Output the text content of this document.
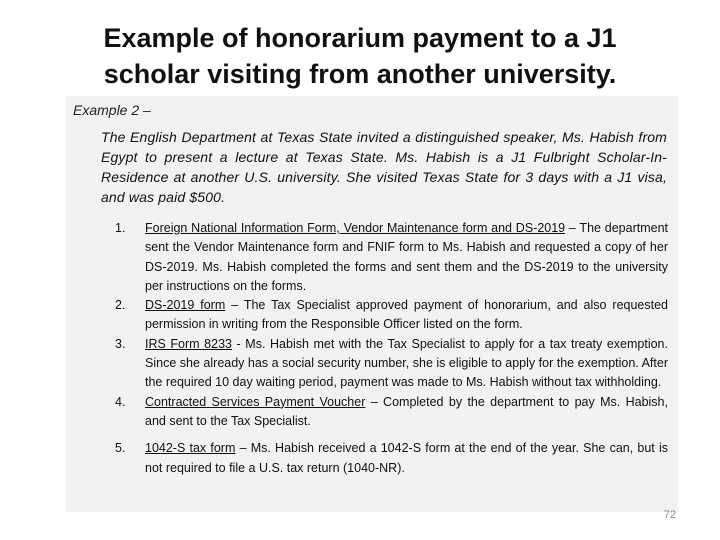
Example of honorarium payment to a J1 scholar visiting from another university.
Example 2 –
The English Department at Texas State invited a distinguished speaker, Ms. Habish from Egypt to present a lecture at Texas State. Ms. Habish is a J1 Fulbright Scholar-In-Residence at another U.S. university. She visited Texas State for 3 days with a J1 visa, and was paid $500.
1. Foreign National Information Form, Vendor Maintenance form and DS-2019 – The department sent the Vendor Maintenance form and FNIF form to Ms. Habish and requested a copy of her DS-2019. Ms. Habish completed the forms and sent them and the DS-2019 to the university per instructions on the forms.
2. DS-2019 form – The Tax Specialist approved payment of honorarium, and also requested permission in writing from the Responsible Officer listed on the form.
3. IRS Form 8233 - Ms. Habish met with the Tax Specialist to apply for a tax treaty exemption. Since she already has a social security number, she is eligible to apply for the exemption. After the required 10 day waiting period, payment was made to Ms. Habish without tax withholding.
4. Contracted Services Payment Voucher – Completed by the department to pay Ms. Habish, and sent to the Tax Specialist.
5. 1042-S tax form – Ms. Habish received a 1042-S form at the end of the year. She can, but is not required to file a U.S. tax return (1040-NR).
72
